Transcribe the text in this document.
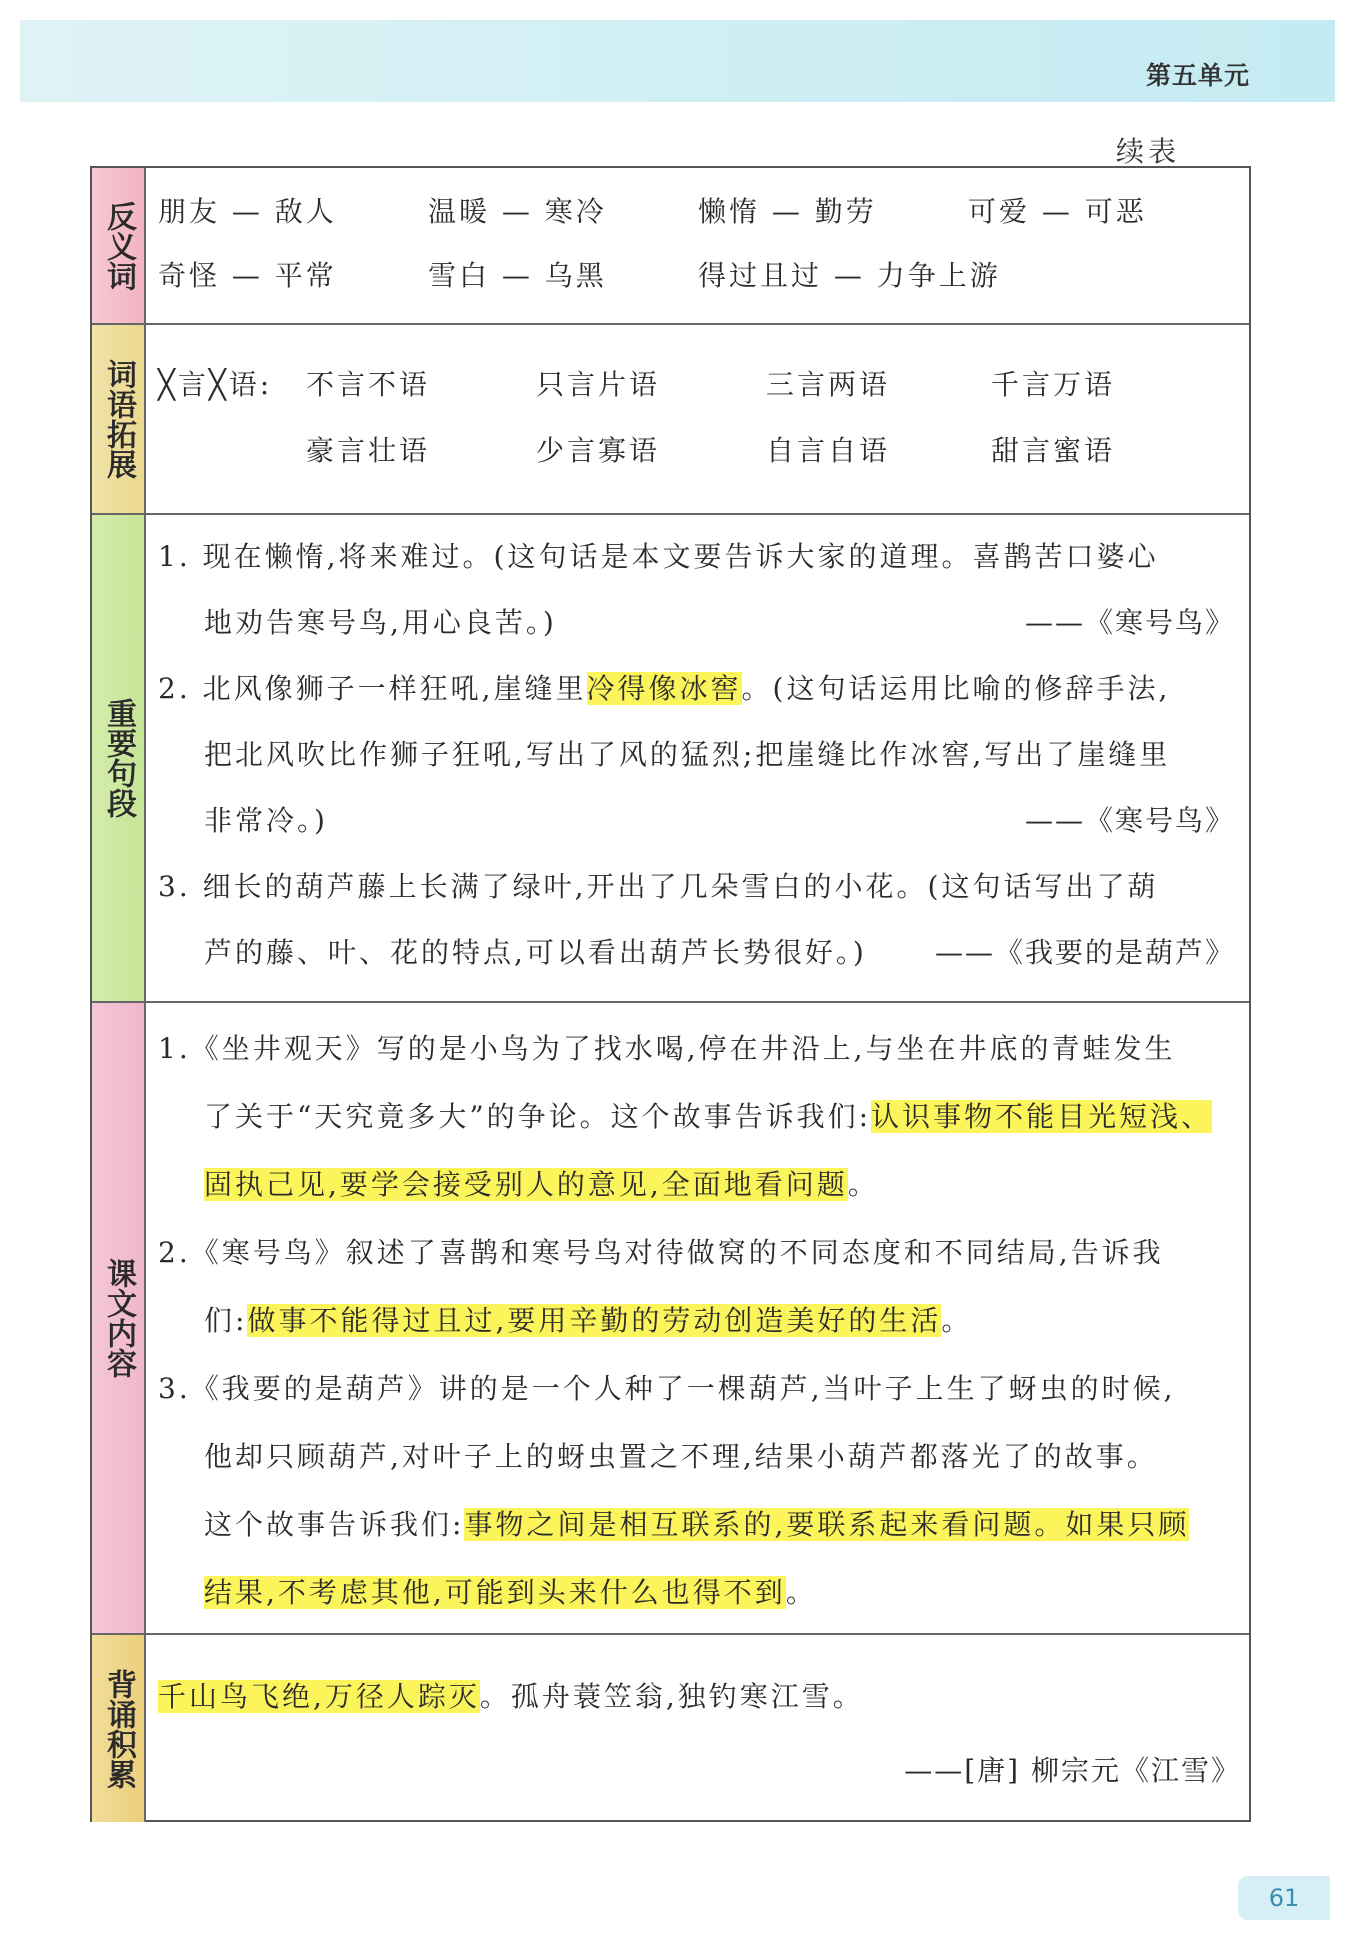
第五单元
续表
反义词 朋友 — 敌人	温暖 — 寒冷	懒惰 — 勤劳	可爱 — 可恶
奇怪 — 平常	雪白 — 乌黑	得过且过 — 力争上游
词语拓展 ╳言╳语: 不言不语	只言片语	三言两语	千言万语
豪言壮语	少言寡语	自言自语	甜言蜜语
重要句段
1. 现在懒惰,将来难过。(这句话是本文要告诉大家的道理。喜鹊苦口婆心
地劝告寒号鸟,用心良苦。)	——《寒号鸟》
2. 北风像狮子一样狂吼,崖缝里冷得像冰窖。(这句话运用比喻的修辞手法,
把北风吹比作狮子狂吼,写出了风的猛烈;把崖缝比作冰窖,写出了崖缝里
非常冷。)	——《寒号鸟》
3. 细长的葫芦藤上长满了绿叶,开出了几朵雪白的小花。(这句话写出了葫
芦的藤、叶、花的特点,可以看出葫芦长势很好。) ——《我要的是葫芦》
课文内容
1.《坐井观天》写的是小鸟为了找水喝,停在井沿上,与坐在井底的青蛙发生
了关于“天究竟多大”的争论。这个故事告诉我们:认识事物不能目光短浅、
固执己见,要学会接受别人的意见,全面地看问题。
2.《寒号鸟》叙述了喜鹊和寒号鸟对待做窝的不同态度和不同结局,告诉我
们:做事不能得过且过,要用辛勤的劳动创造美好的生活。
3.《我要的是葫芦》讲的是一个人种了一棵葫芦,当叶子上生了蚜虫的时候,
他却只顾葫芦,对叶子上的蚜虫置之不理,结果小葫芦都落光了的故事。
这个故事告诉我们:事物之间是相互联系的,要联系起来看问题。如果只顾
结果,不考虑其他,可能到头来什么也得不到。
背诵积累 千山鸟飞绝,万径人踪灭。孤舟蓑笠翁,独钓寒江雪。
——[唐] 柳宗元《江雪》
61
